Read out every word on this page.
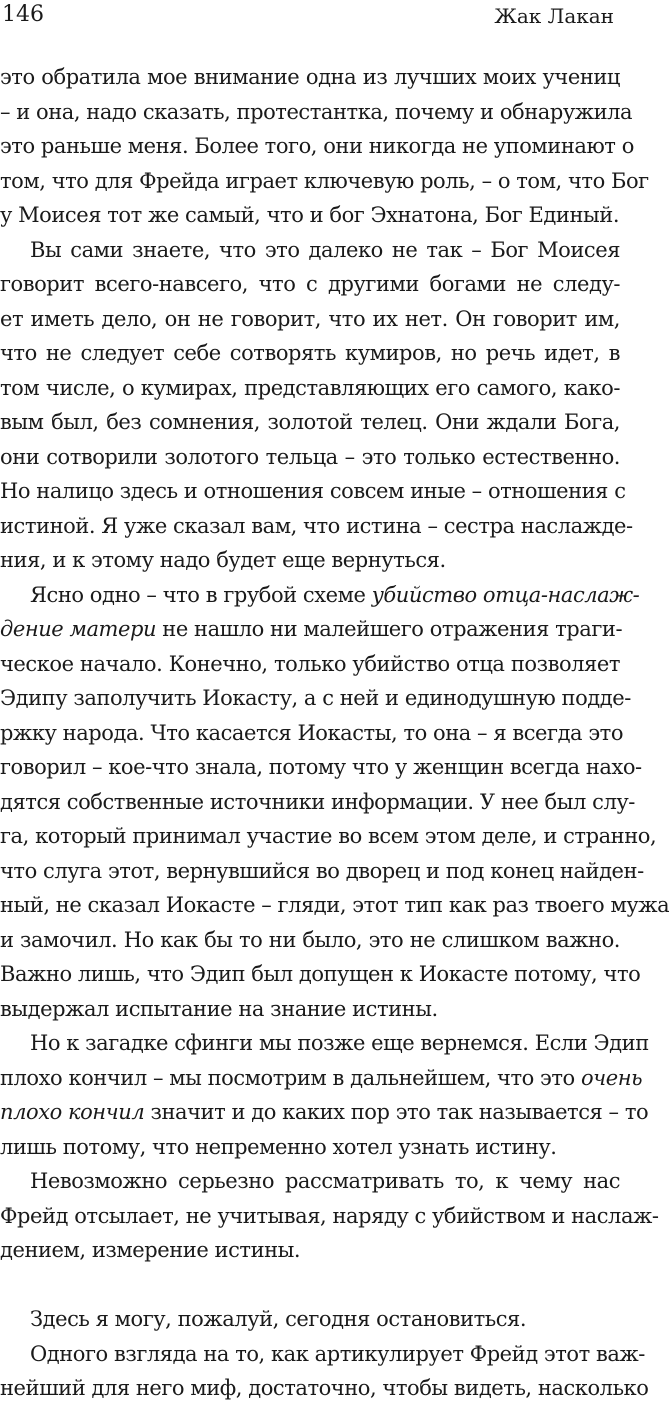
146	Жак Лакан
это обратила мое внимание одна из лучших моих учениц
– и она, надо сказать, протестантка, почему и обнаружила
это раньше меня. Более того, они никогда не упоминают о
том, что для Фрейда играет ключевую роль, – о том, что Бог
у Моисея тот же самый, что и бог Эхнатона, Бог Единый.
Вы сами знаете, что это далеко не так – Бог Моисея
говорит всего-навсего, что с другими богами не следу-
ет иметь дело, он не говорит, что их нет. Он говорит им,
что не следует себе сотворять кумиров, но речь идет, в
том числе, о кумирах, представляющих его самого, како-
вым был, без сомнения, золотой телец. Они ждали Бога,
они сотворили золотого тельца – это только естественно.
Но налицо здесь и отношения совсем иные – отношения с
истиной. Я уже сказал вам, что истина – сестра наслажде-
ния, и к этому надо будет еще вернуться.
Ясно одно – что в грубой схеме убийство отца-наслаж-
дение матери не нашло ни малейшего отражения траги-
ческое начало. Конечно, только убийство отца позволяет
Эдипу заполучить Иокасту, а с ней и единодушную подде-
ржку народа. Что касается Иокасты, то она – я всегда это
говорил – кое-что знала, потому что у женщин всегда нахо-
дятся собственные источники информации. У нее был слу-
га, который принимал участие во всем этом деле, и странно,
что слуга этот, вернувшийся во дворец и под конец найден-
ный, не сказал Иокасте – гляди, этот тип как раз твоего мужа
и замочил. Но как бы то ни было, это не слишком важно.
Важно лишь, что Эдип был допущен к Иокасте потому, что
выдержал испытание на знание истины.
Но к загадке сфинги мы позже еще вернемся. Если Эдип
плохо кончил – мы посмотрим в дальнейшем, что это очень
плохо кончил значит и до каких пор это так называется – то
лишь потому, что непременно хотел узнать истину.
Невозможно серьезно рассматривать то, к чему нас
Фрейд отсылает, не учитывая, наряду с убийством и наслаж-
дением, измерение истины.
Здесь я могу, пожалуй, сегодня остановиться.
Одного взгляда на то, как артикулирует Фрейд этот важ-
нейший для него миф, достаточно, чтобы видеть, насколько
